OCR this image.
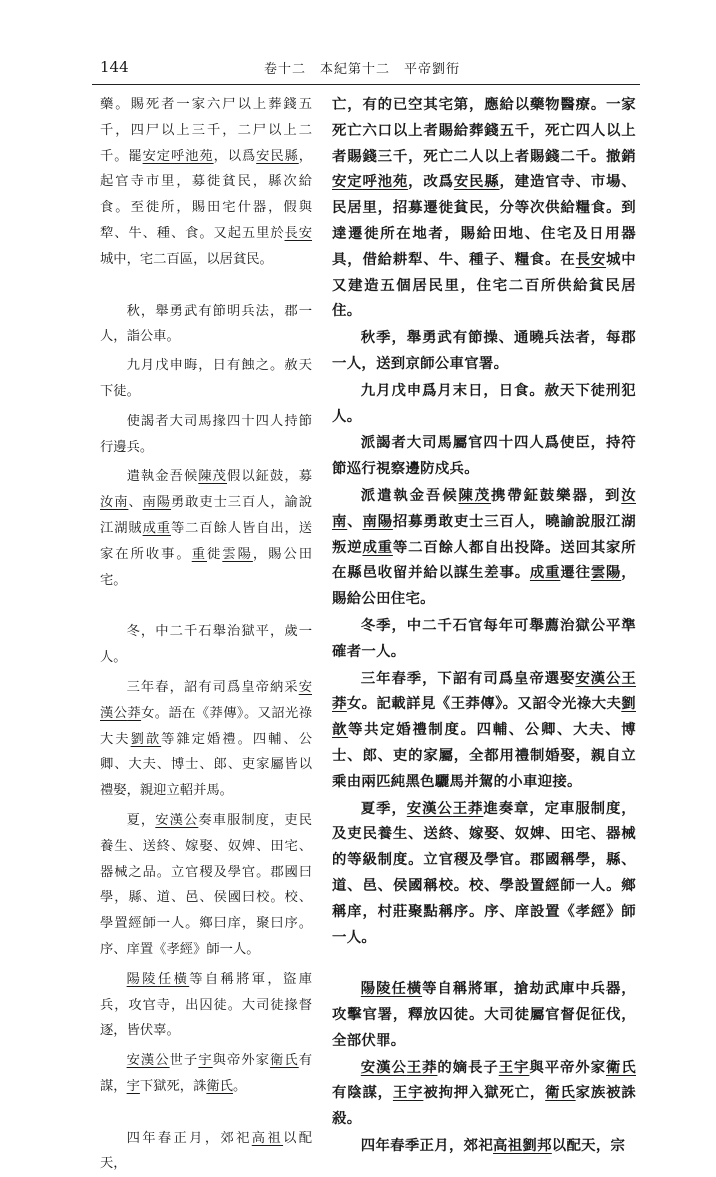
144	卷十二　本紀第十二　平帝劉衎

藥。賜死者一家六尸以上葬錢五千，四尸以上三千，二尸以上二千。罷安定呼池苑，以爲安民縣，起官寺市里，募徙貧民，縣次給食。至徙所，賜田宅什器，假與犂、牛、種、食。又起五里於長安城中，宅二百區，以居貧民。

秋，舉勇武有節明兵法，郡一人，詣公車。

九月戊申晦，日有蝕之。赦天下徒。

使謁者大司馬掾四十四人持節行邊兵。

遣執金吾候陳茂假以鉦鼓，募汝南、南陽勇敢吏士三百人，諭說江湖賊成重等二百餘人皆自出，送家在所收事。重徙雲陽，賜公田宅。

冬，中二千石舉治獄平，歲一人。

三年春，詔有司爲皇帝納采安漢公莽女。語在《莽傳》。又詔光祿大夫劉歆等雜定婚禮。四輔、公卿、大夫、博士、郎、吏家屬皆以禮娶，親迎立軺并馬。

夏，安漢公奏車服制度，吏民養生、送終、嫁娶、奴婢、田宅、器械之品。立官稷及學官。郡國曰學，縣、道、邑、侯國曰校。校、學置經師一人。鄉曰庠，聚曰序。序、庠置《孝經》師一人。

陽陵任橫等自稱將軍，盜庫兵，攻官寺，出囚徒。大司徒掾督逐，皆伏辜。

安漢公世子宇與帝外家衛氏有謀，宇下獄死，誅衛氏。

四年春正月，郊祀高祖以配天，

亡，有的已空其宅第，應給以藥物醫療。一家死亡六口以上者賜給葬錢五千，死亡四人以上者賜錢三千，死亡二人以上者賜錢二千。撤銷安定呼池苑，改爲安民縣，建造官寺、市場、民居里，招募遷徙貧民，分等次供給糧食。到達遷徙所在地者，賜給田地、住宅及日用器具，借給耕犁、牛、種子、糧食。在長安城中又建造五個居民里，住宅二百所供給貧民居住。

秋季，舉勇武有節操、通曉兵法者，每郡一人，送到京師公車官署。

九月戊申爲月末日，日食。赦天下徒刑犯人。

派謁者大司馬屬官四十四人爲使臣，持符節巡行視察邊防戍兵。

派遣執金吾候陳茂携帶鉦鼓樂器，到汝南、南陽招募勇敢吏士三百人，曉諭說服江湖叛逆成重等二百餘人都自出投降。送回其家所在縣邑收留并給以謀生差事。成重遷往雲陽，賜給公田住宅。

冬季，中二千石官每年可舉薦治獄公平準確者一人。

三年春季，下詔有司爲皇帝選娶安漢公王莽女。記載詳見《王莽傳》。又詔令光祿大夫劉歆等共定婚禮制度。四輔、公卿、大夫、博士、郎、吏的家屬，全都用禮制婚娶，親自立乘由兩匹純黑色驪馬并駕的小車迎接。

夏季，安漢公王莽進奏章，定車服制度，及吏民養生、送終、嫁娶、奴婢、田宅、器械的等級制度。立官稷及學官。郡國稱學，縣、道、邑、侯國稱校。校、學設置經師一人。鄉稱庠，村莊聚點稱序。序、庠設置《孝經》師一人。

陽陵任橫等自稱將軍，搶劫武庫中兵器，攻擊官署，釋放囚徒。大司徒屬官督促征伐，全部伏罪。

安漢公王莽的嫡長子王宇與平帝外家衛氏有陰謀，王宇被拘押入獄死亡，衛氏家族被誅殺。

四年春季正月，郊祀高祖劉邦以配天，宗
